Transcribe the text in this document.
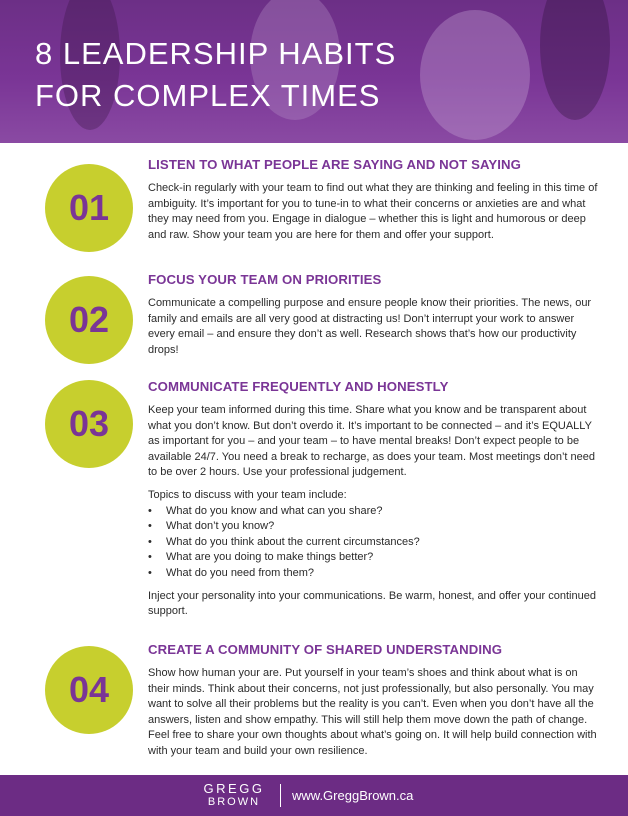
8 LEADERSHIP HABITS
FOR COMPLEX TIMES
01
LISTEN TO WHAT PEOPLE ARE SAYING AND NOT SAYING

Check-in regularly with your team to find out what they are thinking and feeling in this time of ambiguity. It’s important for you to tune-in to what their concerns or anxieties are and what they may need from you. Engage in dialogue – whether this is light and humorous or deep and raw. Show your team you are here for them and offer your support.

02
FOCUS YOUR TEAM ON PRIORITIES

Communicate a compelling purpose and ensure people know their priorities. The news, our family and emails are all very good at distracting us! Don’t interrupt your work to answer every email – and ensure they don’t as well. Research shows that’s how our productivity drops!

03
COMMUNICATE FREQUENTLY AND HONESTLY

Keep your team informed during this time. Share what you know and be transparent about what you don’t know. But don’t overdo it. It’s important to be connected – and it’s EQUALLY as important for you – and your team – to have mental breaks! Don’t expect people to be available 24/7. You need a break to recharge, as does your team. Most meetings don’t need to be over 2 hours. Use your professional judgement.

Topics to discuss with your team include:

• What do you know and what can you share?
• What don’t you know?
• What do you think about the current circumstances?
• What are you doing to make things better?
• What do you need from them?

Inject your personality into your communications. Be warm, honest, and offer your continued support.

04
CREATE A COMMUNITY OF SHARED UNDERSTANDING

Show how human your are. Put yourself in your team’s shoes and think about what is on their minds. Think about their concerns, not just professionally, but also personally. You may want to solve all their problems but the reality is you can’t. Even when you don’t have all the answers, listen and show empathy. This will still help them move down the path of change. Feel free to share your own thoughts about what’s going on. It will help build connection with with your team and build your own resilience.

GREGG
BROWN	www.GreggBrown.ca
